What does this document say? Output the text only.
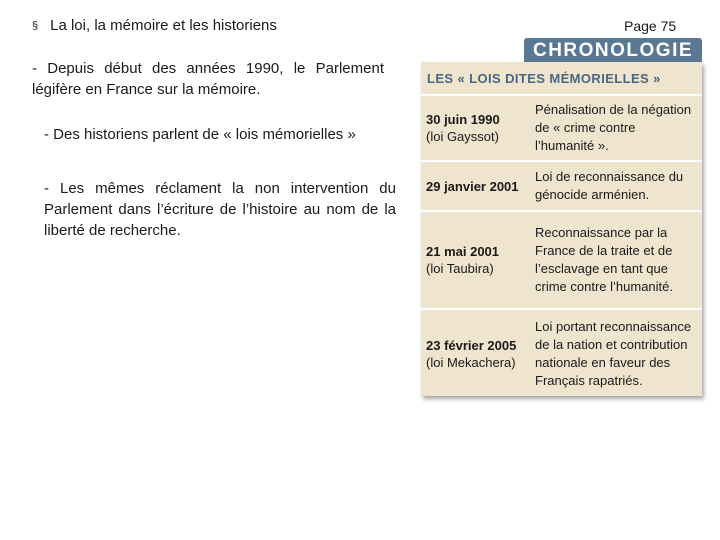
§ La loi, la mémoire et les historiens	Page 75
- Depuis début des années 1990, le Parlement légifère en France sur la mémoire.
- Des historiens parlent de « lois mémorielles »
- Les mêmes réclament la non intervention du Parlement dans l’écriture de l’histoire au nom de la liberté de recherche.
CHRONOLOGIE
LES « LOIS DITES MÉMORIELLES »
30 juin 1990
(loi Gayssot)
Pénalisation de la négation de « crime contre l’humanité ».
29 janvier 2001
Loi de reconnaissance du génocide arménien.
21 mai 2001
(loi Taubira)
Reconnaissance par la France de la traite et de l’esclavage en tant que crime contre l’humanité.
23 février 2005
(loi Mekachera)
Loi portant reconnaissance de la nation et contribution nationale en faveur des Français rapatriés.
